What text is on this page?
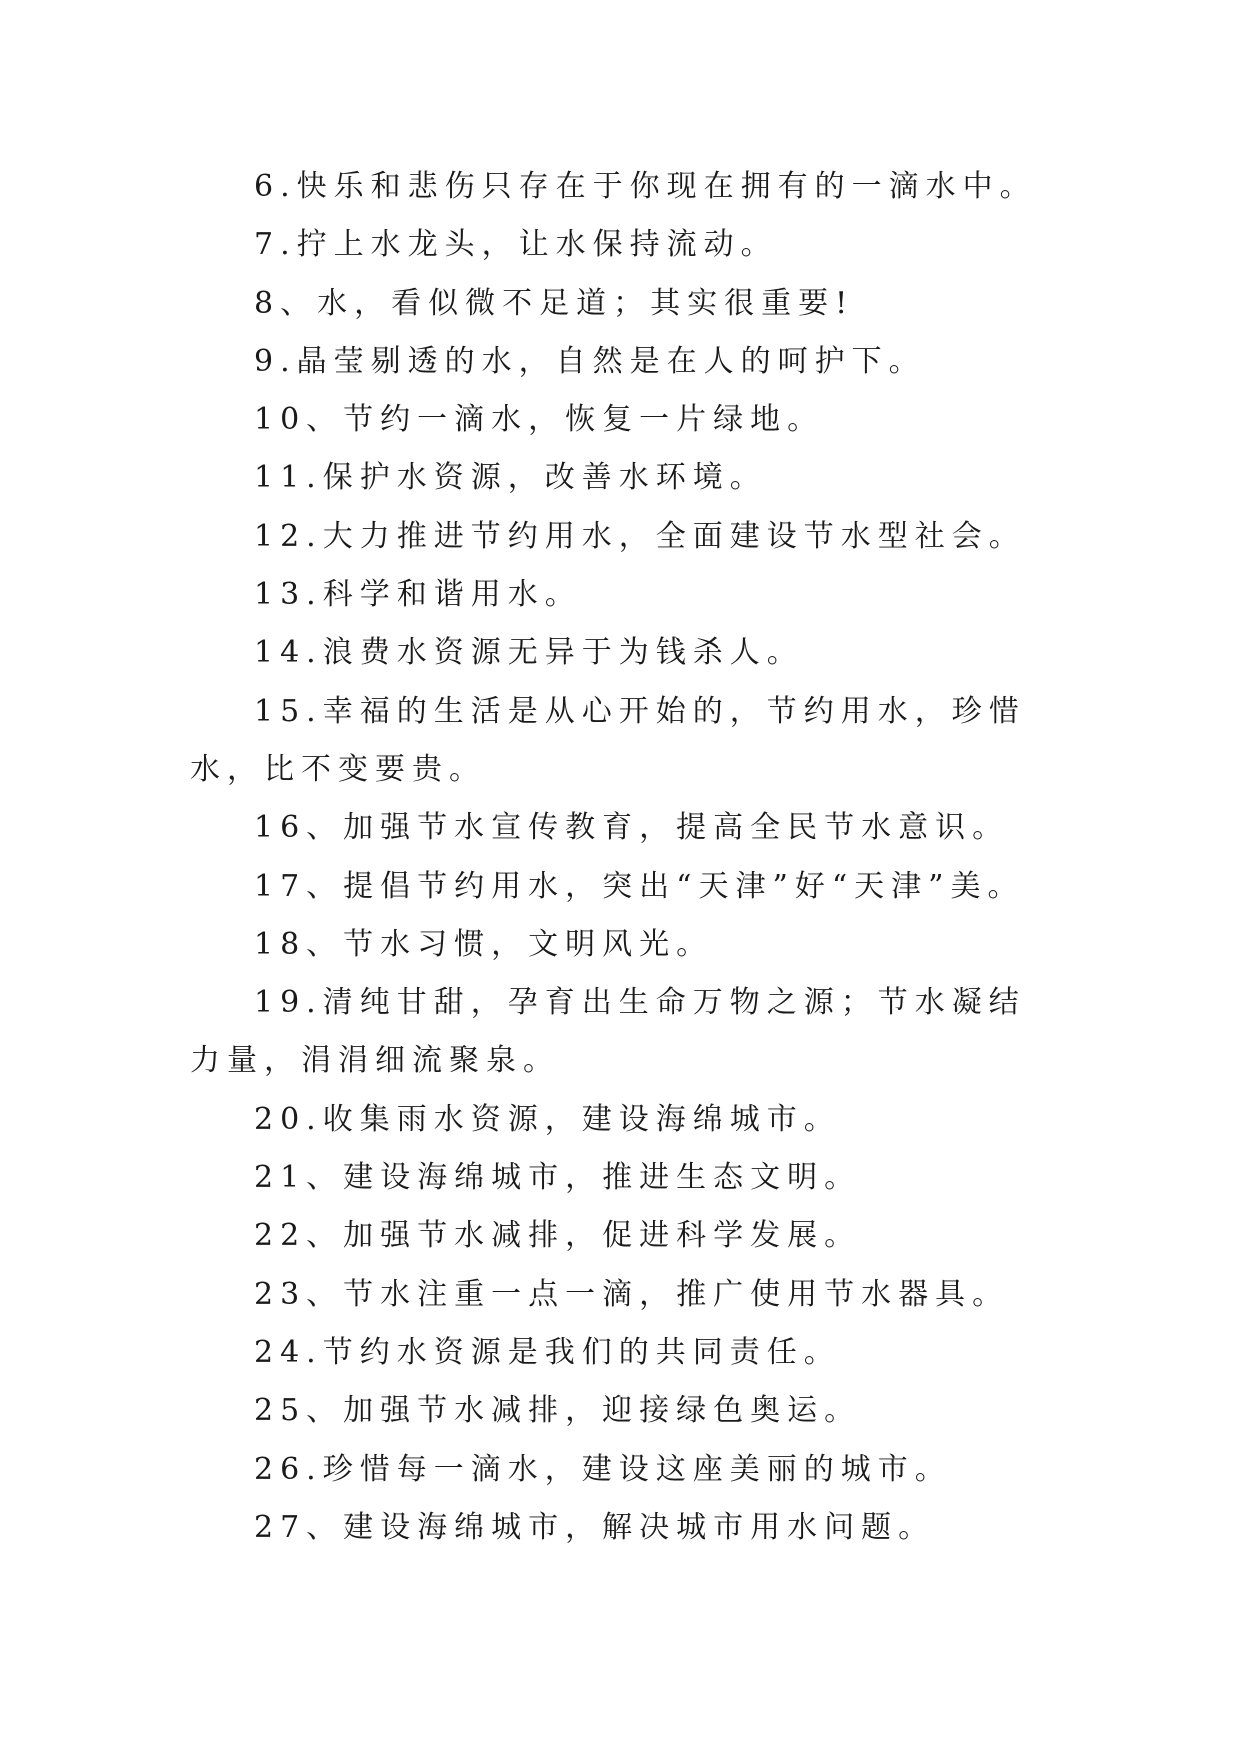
6.快乐和悲伤只存在于你现在拥有的一滴水中。

7.拧上水龙头，让水保持流动。

8、水，看似微不足道；其实很重要!

9.晶莹剔透的水，自然是在人的呵护下。

10、节约一滴水，恢复一片绿地。

11.保护水资源，改善水环境。

12.大力推进节约用水，全面建设节水型社会。

13.科学和谐用水。

14.浪费水资源无异于为钱杀人。

15.幸福的生活是从心开始的，节约用水，珍惜水，比不变要贵。

16、加强节水宣传教育，提高全民节水意识。

17、提倡节约用水，突出“天津”好“天津”美。

18、节水习惯，文明风光。

19.清纯甘甜，孕育出生命万物之源；节水凝结力量，涓涓细流聚泉。

20.收集雨水资源，建设海绵城市。

21、建设海绵城市，推进生态文明。

22、加强节水减排，促进科学发展。

23、节水注重一点一滴，推广使用节水器具。

24.节约水资源是我们的共同责任。

25、加强节水减排，迎接绿色奥运。

26.珍惜每一滴水，建设这座美丽的城市。

27、建设海绵城市，解决城市用水问题。
